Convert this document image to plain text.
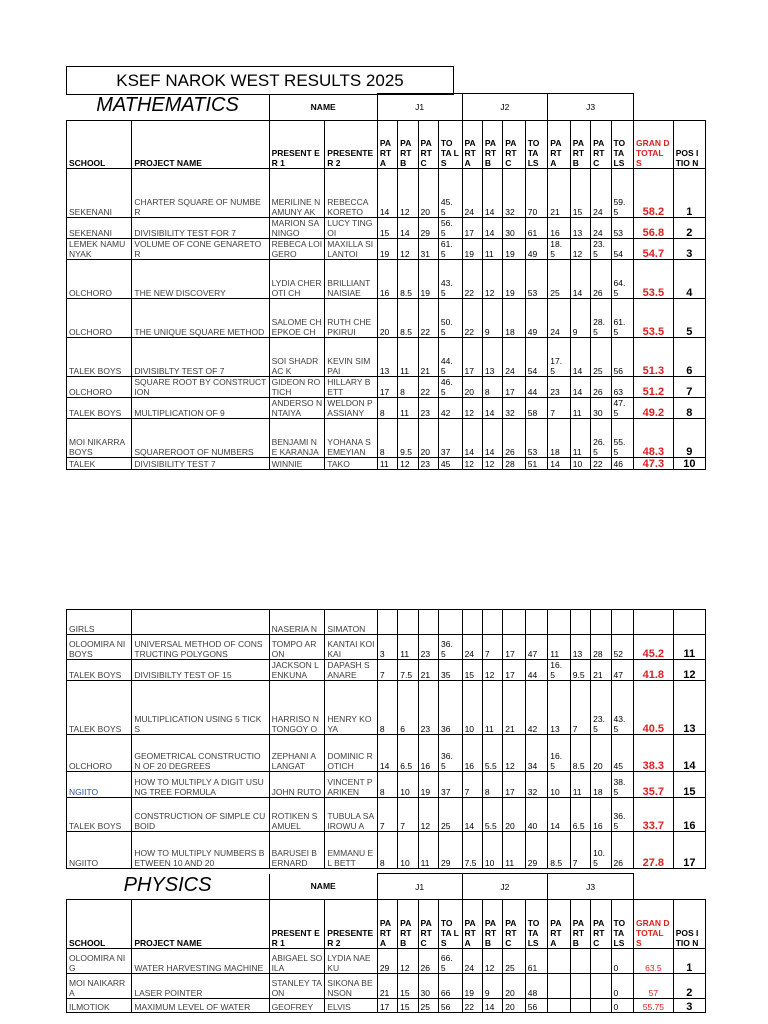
KSEF NAROK WEST RESULTS 2025
MATHEMATICS		NAME		J1				J2				J3					
SCHOOL	PROJECT NAME	PRESENT ER 1	PRESENTE R 2	PA RT A	PA RT B	PA RT C	TO TA LS	PA RT A	PA RT B	PA RT C	TO TA LS	PA RT A	PA RT B	PA RT C	TO TA LS	GRAN D TOTAL S	POS ITIO N
SEKENANI	CHARTER SQUARE OF NUMBER	MERILINE NAMUNY AK	REBECCA KORETO	14	12	20	45. 5	24	14	32	70	21	15	24	59. 5	58.2	1
SEKENANI	DIVISIBILITY TEST FOR 7	MARION SANINGO	LUCY TINGOI	15	14	29	56. 5	17	14	30	61	16	13	24	53	56.8	2
LEMEK NAMUNYAK	VOLUME OF CONE GENARETOR	REBECA LOIGERO	MAXILLA SILANTOI	19	12	31	61. 5	19	11	19	49	18. 5	12	23. 5	54	54.7	3
OLCHORO	THE NEW DISCOVERY	LYDIA CHEROTI CH	BRILLIANT NAISIAE	16	8.5	19	43. 5	22	12	19	53	25	14	26	64. 5	53.5	4
OLCHORO	THE UNIQUE SQUARE METHOD	SALOME CHEPKOE CH	RUTH CHEPKIRUI	20	8.5	22	50. 5	22	9	18	49	24	9	28. 5	61. 5	53.5	5
TALEK BOYS	DIVISIBLTY TEST OF 7	SOI SHADRAC K	KEVIN SIMPAI	13	11	21	44. 5	17	13	24	54	17. 5	14	25	56	51.3	6
OLCHORO	SQUARE ROOT BY CONSTRUCTION	GIDEON ROTICH	HILLARY BETT	17	8	22	46. 5	20	8	17	44	23	14	26	63	51.2	7
TALEK BOYS	MULTIPLICATION OF 9	ANDERSO N NTAIYA	WELDON PASSIANY	8	11	23	42	12	14	32	58	7	11	30	47. 5	49.2	8
MOI NIKARRA BOYS	SQUAREROOT OF NUMBERS	BENJAMI NE KARANJA	YOHANA SEMEYIAN	8	9.5	20	37	14	14	26	53	18	11	26. 5	55. 5	48.3	9
TALEK	DIVISIBILITY TEST 7	WINNIE	TAKO	11	12	23	45	12	12	28	51	14	10	22	46	47.3	10
GIRLS		NASERIA N	SIMATON														
OLOOMIRA NI BOYS	UNIVERSAL METHOD OF CONSTRUCTING POLYGONS	TOMPO ARON	KANTAI KOIKAI	3	11	23	36. 5	24	7	17	47	11	13	28	52	45.2	11
TALEK BOYS	DIVISIBILTY TEST OF 15	JACKSON LENKUNA	DAPASH SANARE	7	7.5	21	35	15	12	17	44	16. 5	9.5	21	47	41.8	12
TALEK BOYS	MULTIPLICATION USING 5 TICKS	HARRISO N TONGOY O	HENRY KOYA	8	6	23	36	10	11	21	42	13	7	23. 5	43. 5	40.5	13
OLCHORO	GEOMETRICAL CONSTRUCTION OF 20 DEGREES	ZEPHANI A LANGAT	DOMINIC ROTICH	14	6.5	16	36. 5	16	5.5	12	34	16. 5	8.5	20	45	38.3	14
NGIITO	HOW TO MULTIPLY A DIGIT USUNG TREE FORMULA	JOHN RUTO	VINCENT PARIKEN	8	10	19	37	7	8	17	32	10	11	18	38. 5	35.7	15
TALEK BOYS	CONSTRUCTION OF SIMPLE CUBOID	ROTIKEN SAMUEL	TUBULA SAIROWU A	7	7	12	25	14	5.5	20	40	14	6.5	16	36. 5	33.7	16
NGIITO	HOW TO MULTIPLY NUMBERS BETWEEN 10 AND 20	BARUSEI BERNARD	EMMANU EL BETT	8	10	11	29	7.5	10	11	29	8.5	7	10. 5	26	27.8	17
PHYSICS		NAME		J1				J2				J3					
SCHOOL	PROJECT NAME	PRESENT ER 1	PRESENTE R 2	PA RT A	PA RT B	PA RT C	TO TA LS	PA RT A	PA RT B	PA RT C	TO TA LS	PA RT A	PA RT B	PA RT C	TO TA LS	GRAN D TOTAL S	POS ITIO N
OLOOMIRA NI G	WATER HARVESTING MACHINE	ABIGAEL SOILA	LYDIA NAEKU	29	12	26	66. 5	24	12	25	61				0	63.5	1
MOI NAIKARRA	LASER POINTER	STANLEY TAON	SIKONA BENSON	21	15	30	66	19	9	20	48				0	57	2
ILMOTIOK	MAXIMUM LEVEL OF WATER	GEOFREY	ELVIS	17	15	25	56	22	14	20	56				0	55.75	3
